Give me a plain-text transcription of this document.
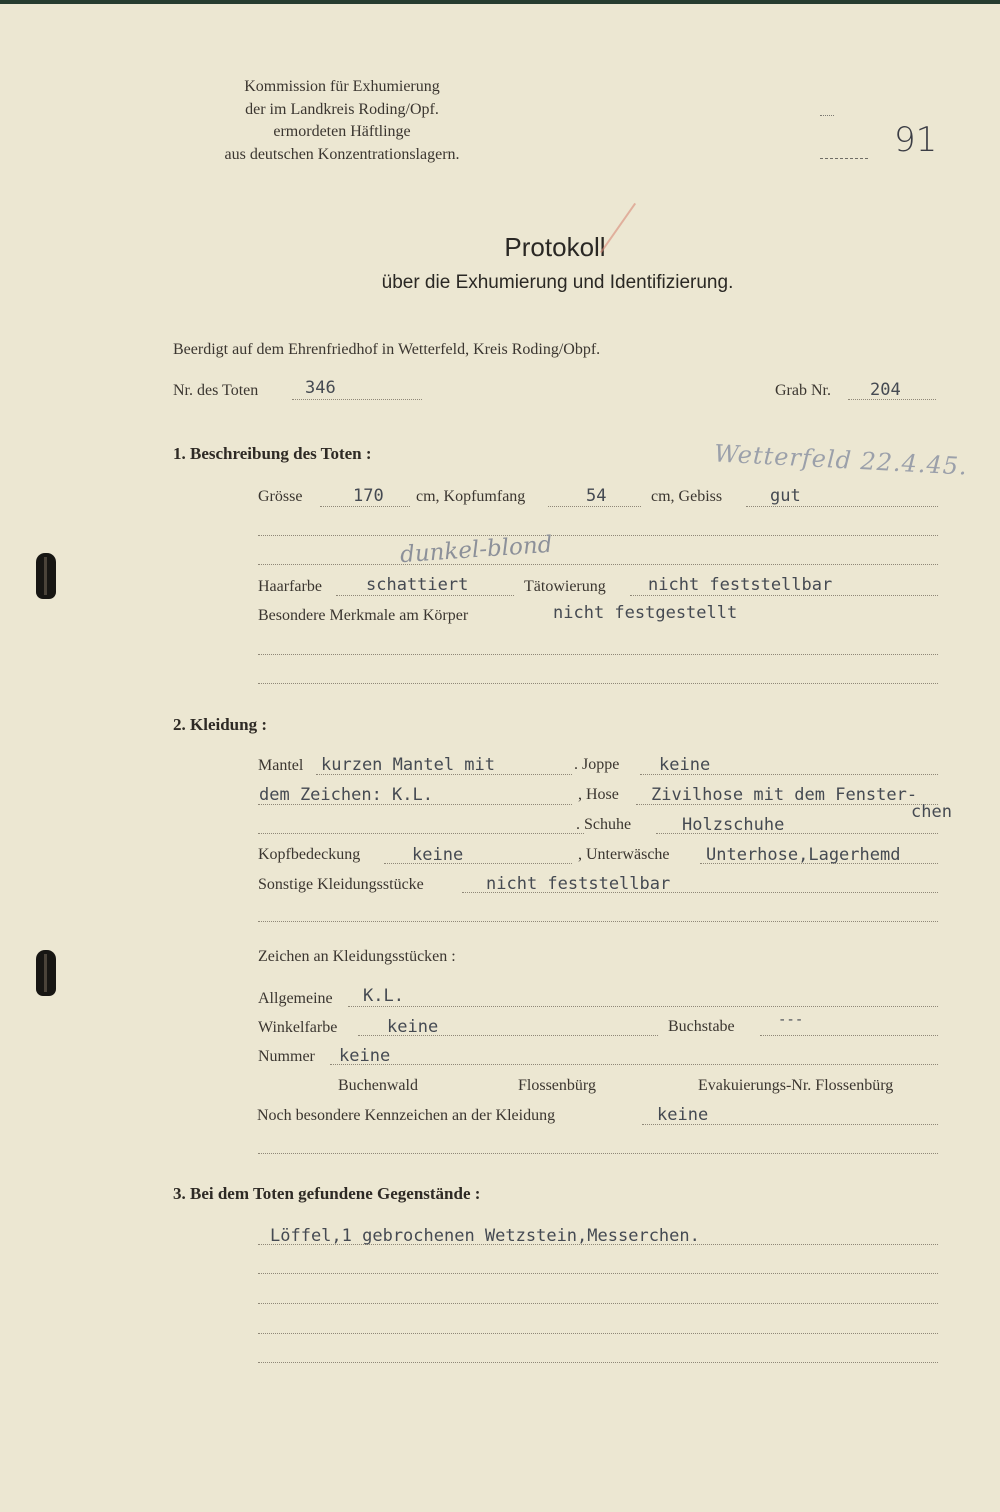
Kommission für Exhumierung
der im Landkreis Roding/Opf.
ermordeten Häftlinge
aus deutschen Konzentrationslagern.	91
Protokoll
über die Exhumierung und Identifizierung.
Beerdigt auf dem Ehrenfriedhof in Wetterfeld, Kreis Roding/Obpf.
Nr. des Toten	346	Grab Nr. 204
1. Beschreibung des Toten :	Wetterfeld 22.4.45.
Grösse	170 cm, Kopfumfang	54	cm, Gebiss	gut
dunkel-blond
Haarfarbe	schattiert	Tätowierung nicht feststellbar
Besondere Merkmale am Körper	nicht festgestellt
2. Kleidung :
Mantel kurzen Mantel mit	. Joppe keine
dem Zeichen: K.L.	, Hose Zivilhose mit dem Fenster-
chen
. Schuhe	Holzschuhe
Kopfbedeckung	keine	, Unterwäsche Unterhose,Lagerhemd
Sonstige Kleidungsstücke	nicht feststellbar
Zeichen an Kleidungsstücken :
Allgemeine K.L.
Winkelfarbe	keine	Buchstabe	---
Nummer keine
Buchenwald	Flossenbürg	Evakuierungs-Nr. Flossenbürg
Noch besondere Kennzeichen an der Kleidung	keine
3. Bei dem Toten gefundene Gegenstände :
Löffel,1 gebrochenen Wetzstein,Messerchen.
